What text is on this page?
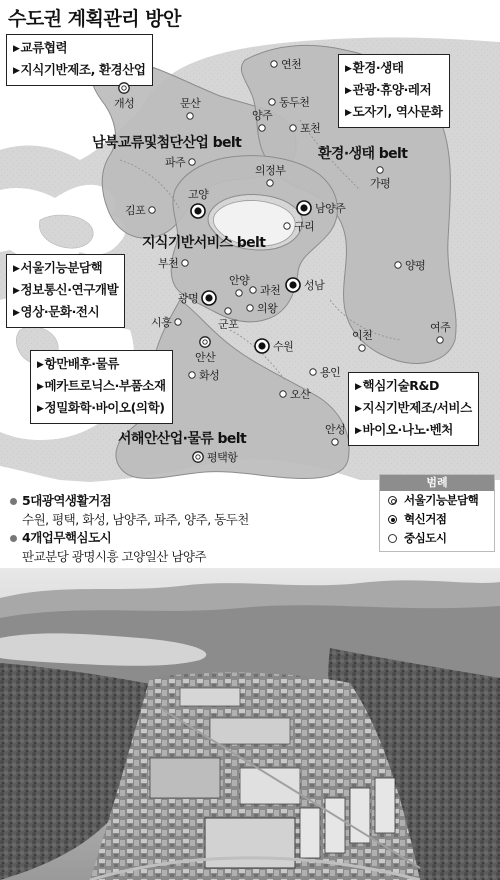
수도권 계획관리 방안
▶교류협력
▶지식기반제조, 환경산업	▶환경·생태
▶관광·휴양·레저
▶도자기, 역사문화
▶서울기능분담핵
▶정보통신·연구개발
▶영상·문화·전시
▶항만배후·물류
▶메카트로닉스·부품소재
▶정밀화학·바이오(의학)
▶핵심기술R&D
▶지식기반제조/서비스
▶바이오·나노·벤처
남북교류및첨단산업 belt
환경·생태 belt
지식기반서비스 belt
서해안산업·물류 belt
연천
개성	문산	동두천
양주
포천
파주
의정부
가평
고양
김포	남양주
구리
부천	양평
광명
안양
과천 성남
시흥	군포
의왕
이천
여주
안산
수원
화성	용인
오산
안성
평택항
범례
서울기능분담핵
혁신거점
중심도시
5대광역생활거점
수원, 평택, 화성, 남양주, 파주, 양주, 동두천
4개업무핵심도시
판교분당 광명시흥 고양일산 남양주
